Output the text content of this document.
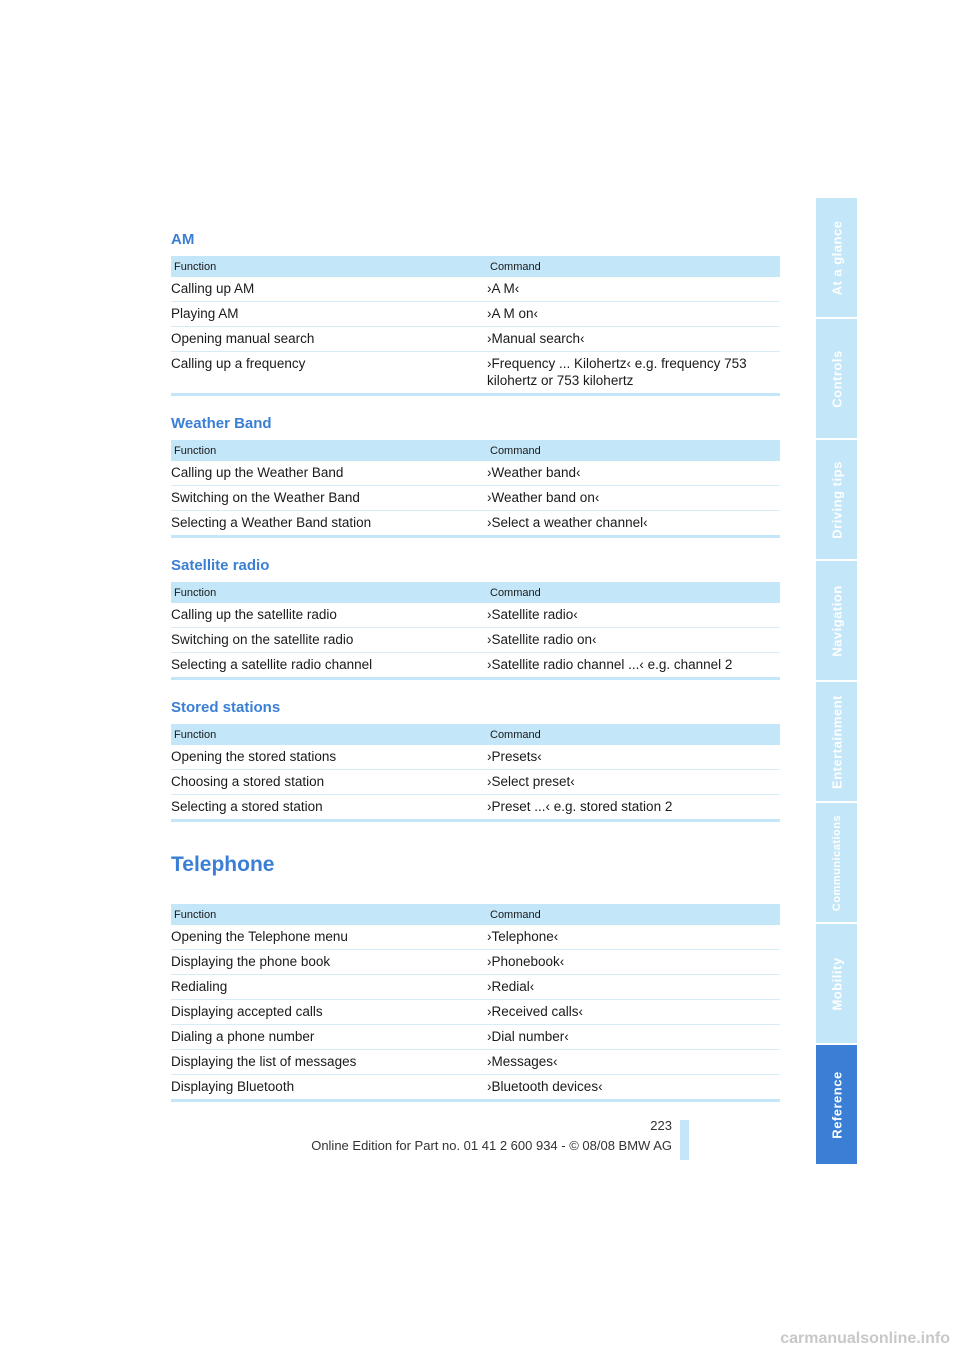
AM
Function	Command
Calling up AM	›A M‹
Playing AM	›A M on‹
Opening manual search	›Manual search‹
Calling up a frequency	›Frequency ... Kilohertz‹ e.g. frequency 753 kilohertz or 753 kilohertz
Weather Band
Function	Command
Calling up the Weather Band	›Weather band‹
Switching on the Weather Band	›Weather band on‹
Selecting a Weather Band station	›Select a weather channel‹
Satellite radio
Function	Command
Calling up the satellite radio	›Satellite radio‹
Switching on the satellite radio	›Satellite radio on‹
Selecting a satellite radio channel	›Satellite radio channel ...‹ e.g. channel 2
Stored stations
Function	Command
Opening the stored stations	›Presets‹
Choosing a stored station	›Select preset‹
Selecting a stored station	›Preset ...‹ e.g. stored station 2
Telephone
Function	Command
Opening the Telephone menu	›Telephone‹
Displaying the phone book	›Phonebook‹
Redialing	›Redial‹
Displaying accepted calls	›Received calls‹
Dialing a phone number	›Dial number‹
Displaying the list of messages	›Messages‹
Displaying Bluetooth	›Bluetooth devices‹
At a glance
Controls
Driving tips
Navigation
Entertainment
Communications
Mobility
Reference
223
Online Edition for Part no. 01 41 2 600 934 - © 08/08 BMW AG
carmanualsonline.info
